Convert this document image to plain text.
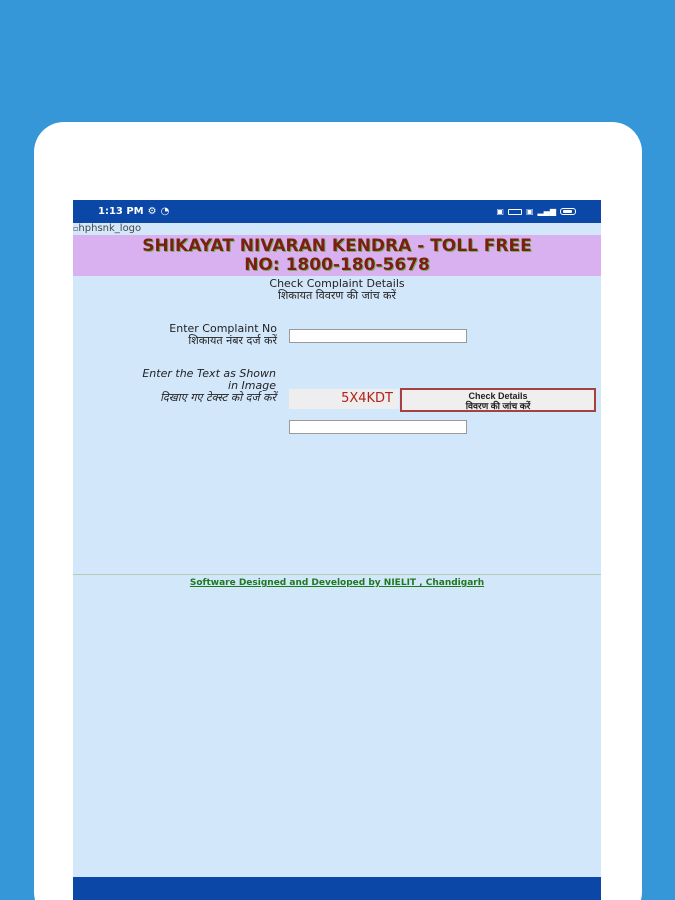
1:13 PM ⚙ ◔	▣	▣ ▂▄▆
▫hphsnk_logo
SHIKAYAT NIVARAN KENDRA - TOLL FREE
NO: 1800-180-5678
Check Complaint Details
शिकायत विवरण की जांच करें
Enter Complaint No
शिकायत नंबर दर्ज करें
Enter the Text as Shown
in Image
दिखाए गए टेक्स्ट को दर्ज करें	5X4KDT	Check Details
विवरण की जांच करें
Software Designed and Developed by NIELIT , Chandigarh
